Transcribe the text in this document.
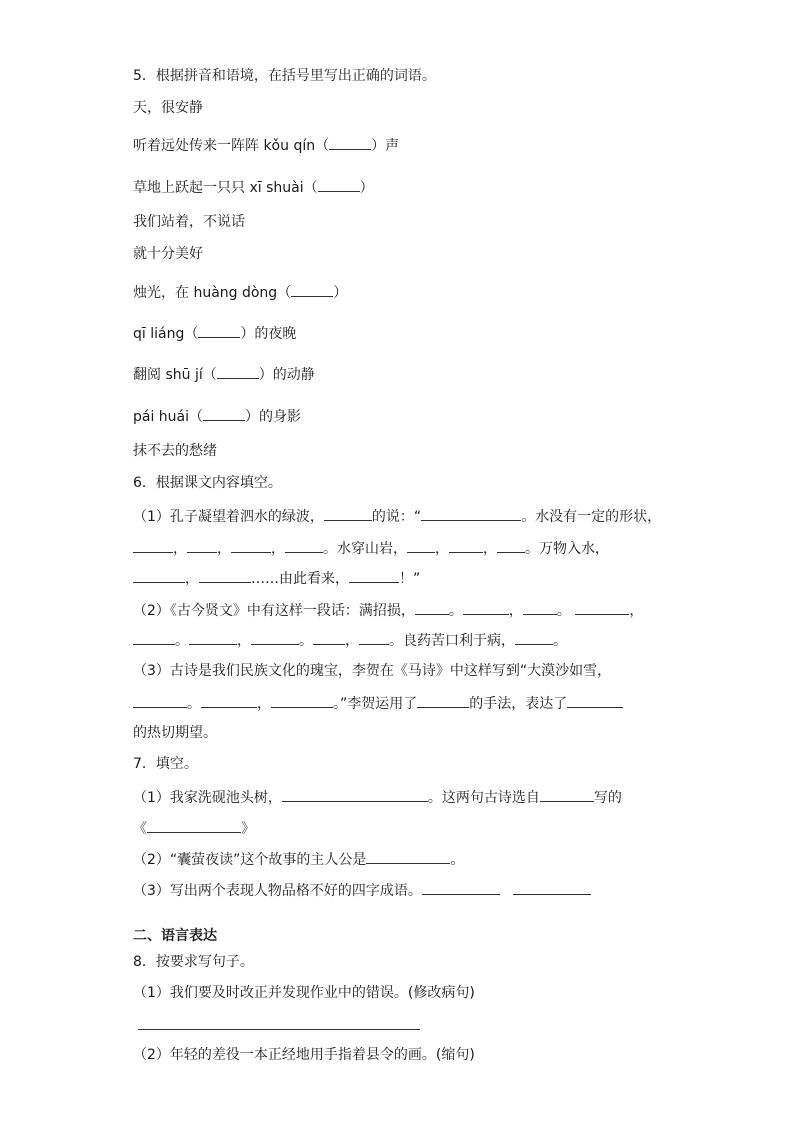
5．根据拼音和语境，在括号里写出正确的词语。
天，很安静
听着远处传来一阵阵 kǒu qín（	）声
草地上跃起一只只 xī shuài（	）
我们站着，不说话
就十分美好
烛光，在 huàng dòng（	）
qī liáng（	）的夜晚
翻阅 shū jí（	）的动静
pái huái（	）的身影
抹不去的愁绪
6．根据课文内容填空。
（1）孔子凝望着泗水的绿波，	的说：“	。水没有一定的形状，
， ，	，	。水穿山岩， ， ， 。万物入水，
，	……由此看来，	！”
（2）《古今贤文》中有这样一段话：满招损， 。	， 。	，
。	，	。 ， 。良药苦口利于病，	。
（3）古诗是我们民族文化的瑰宝，李贺在《马诗》中这样写到“大漠沙如雪，
。	，	。”李贺运用了	的手法，表达了
的热切期望。
7．填空。
（1）我家洗砚池头树，	。这两句古诗选自	写的
《	》
（2）“囊萤夜读”这个故事的主人公是	。
（3）写出两个表现人物品格不好的四字成语。
二、语言表达
8．按要求写句子。
（1）我们要及时改正并发现作业中的错误。(修改病句)
（2）年轻的差役一本正经地用手指着县令的画。(缩句)
